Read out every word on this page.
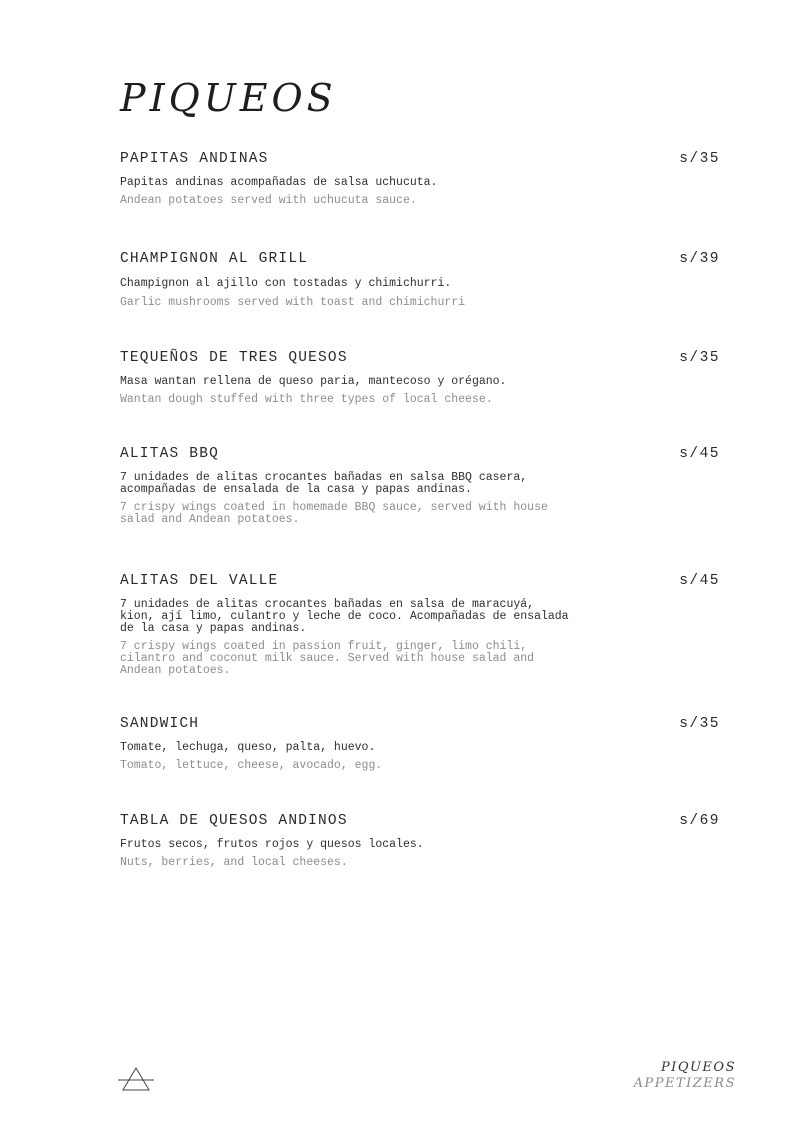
PIQUEOS
PAPITAS ANDINAS	s/35
Papitas andinas acompañadas de salsa uchucuta.
Andean potatoes served with uchucuta sauce.
CHAMPIGNON AL GRILL	s/39
Champignon al ajillo con tostadas y chimichurri.
Garlic mushrooms served with toast and chimichurri
TEQUEÑOS DE TRES QUESOS	s/35
Masa wantan rellena de queso paria, mantecoso y orégano.
Wantan dough stuffed with three types of local cheese.
ALITAS BBQ	s/45
7 unidades de alitas crocantes bañadas en salsa BBQ casera,
acompañadas de ensalada de la casa y papas andinas.
7 crispy wings coated in homemade BBQ sauce, served with house
salad and Andean potatoes.
ALITAS DEL VALLE	s/45
7 unidades de alitas crocantes bañadas en salsa de maracuyá,
kion, ají limo, culantro y leche de coco. Acompañadas de ensalada
de la casa y papas andinas.
7 crispy wings coated in passion fruit, ginger, limo chili,
cilantro and coconut milk sauce. Served with house salad and
Andean potatoes.
SANDWICH	s/35
Tomate, lechuga, queso, palta, huevo.
Tomato, lettuce, cheese, avocado, egg.
TABLA DE QUESOS ANDINOS	s/69
Frutos secos, frutos rojos y quesos locales.
Nuts, berries, and local cheeses.
PIQUEOS
APPETIZERS
